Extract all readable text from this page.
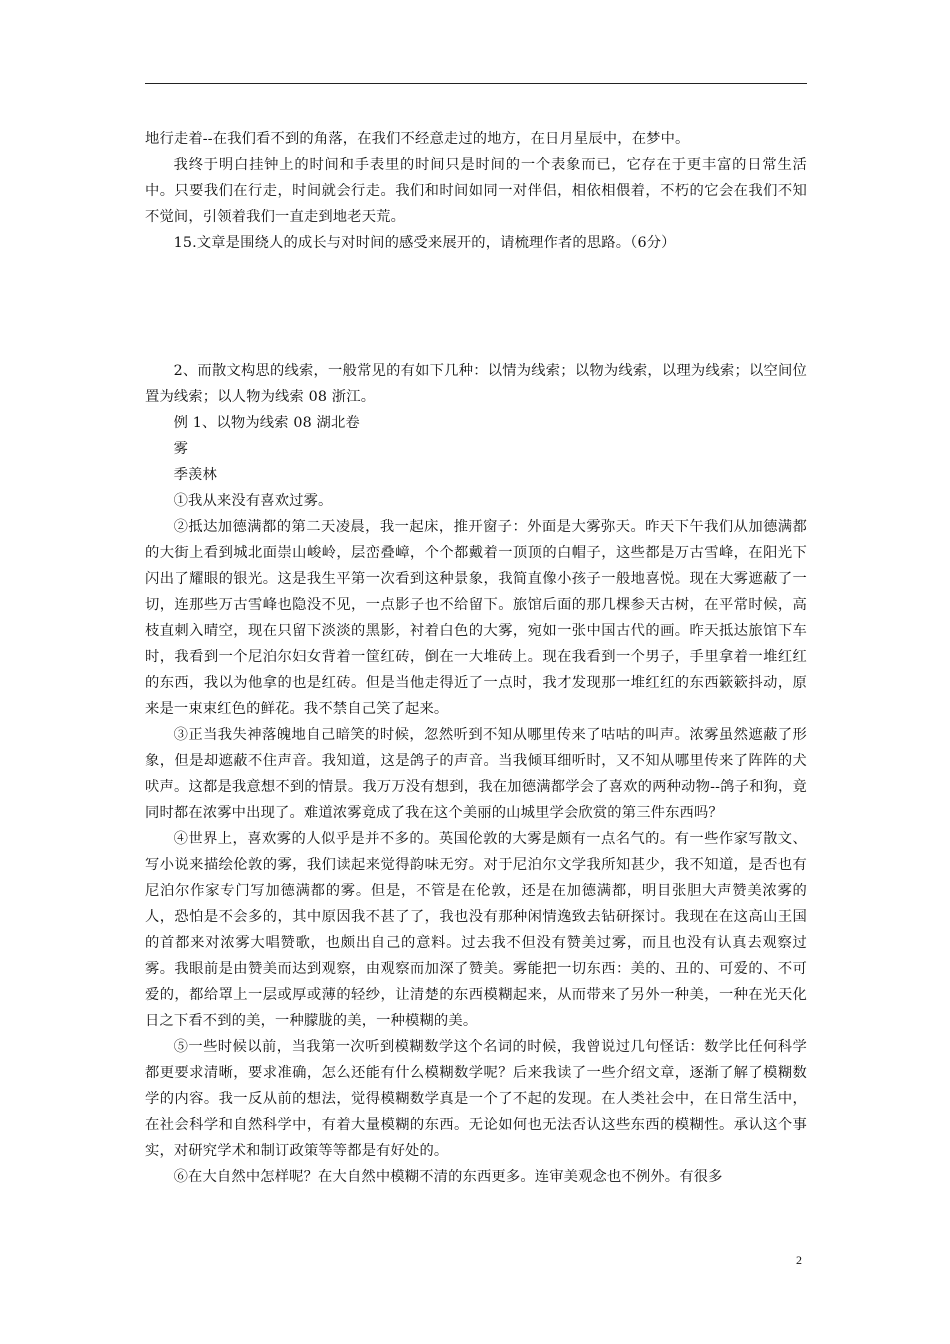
地行走着--在我们看不到的角落，在我们不经意走过的地方，在日月星辰中，在梦中。

我终于明白挂钟上的时间和手表里的时间只是时间的一个表象而已，它存在于更丰富的日常生活中。只要我们在行走，时间就会行走。我们和时间如同一对伴侣，相依相偎着，不朽的它会在我们不知不觉间，引领着我们一直走到地老天荒。

15.文章是围绕人的成长与对时间的感受来展开的，请梳理作者的思路。（6分）

2、而散文构思的线索，一般常见的有如下几种：以情为线索；以物为线索，以理为线索；以空间位置为线索；以人物为线索 08 浙江。

例 1、以物为线索 08 湖北卷

雾

季羡林

①我从来没有喜欢过雾。

②抵达加德满都的第二天凌晨，我一起床，推开窗子：外面是大雾弥天。昨天下午我们从加德满都的大街上看到城北面崇山峻岭，层峦叠嶂，个个都戴着一顶顶的白帽子，这些都是万古雪峰，在阳光下闪出了耀眼的银光。这是我生平第一次看到这种景象，我简直像小孩子一般地喜悦。现在大雾遮蔽了一切，连那些万古雪峰也隐没不见，一点影子也不给留下。旅馆后面的那几棵参天古树，在平常时候，高枝直刺入晴空，现在只留下淡淡的黑影，衬着白色的大雾，宛如一张中国古代的画。昨天抵达旅馆下车时，我看到一个尼泊尔妇女背着一筐红砖，倒在一大堆砖上。现在我看到一个男子，手里拿着一堆红红的东西，我以为他拿的也是红砖。但是当他走得近了一点时，我才发现那一堆红红的东西簌簌抖动，原来是一束束红色的鲜花。我不禁自己笑了起来。

③正当我失神落魄地自己暗笑的时候，忽然听到不知从哪里传来了咕咕的叫声。浓雾虽然遮蔽了形象，但是却遮蔽不住声音。我知道，这是鸽子的声音。当我倾耳细听时，又不知从哪里传来了阵阵的犬吠声。这都是我意想不到的情景。我万万没有想到，我在加德满都学会了喜欢的两种动物--鸽子和狗，竟同时都在浓雾中出现了。难道浓雾竟成了我在这个美丽的山城里学会欣赏的第三件东西吗？

④世界上，喜欢雾的人似乎是并不多的。英国伦敦的大雾是颇有一点名气的。有一些作家写散文、写小说来描绘伦敦的雾，我们读起来觉得韵味无穷。对于尼泊尔文学我所知甚少，我不知道，是否也有尼泊尔作家专门写加德满都的雾。但是，不管是在伦敦，还是在加德满都，明目张胆大声赞美浓雾的人，恐怕是不会多的，其中原因我不甚了了，我也没有那种闲情逸致去钻研探讨。我现在在这高山王国的首都来对浓雾大唱赞歌，也颇出自己的意料。过去我不但没有赞美过雾，而且也没有认真去观察过雾。我眼前是由赞美而达到观察，由观察而加深了赞美。雾能把一切东西：美的、丑的、可爱的、不可爱的，都给罩上一层或厚或薄的轻纱，让清楚的东西模糊起来，从而带来了另外一种美，一种在光天化日之下看不到的美，一种朦胧的美，一种模糊的美。

⑤一些时候以前，当我第一次听到模糊数学这个名词的时候，我曾说过几句怪话：数学比任何科学都更要求清晰，要求准确，怎么还能有什么模糊数学呢？后来我读了一些介绍文章，逐渐了解了模糊数学的内容。我一反从前的想法，觉得模糊数学真是一个了不起的发现。在人类社会中，在日常生活中，在社会科学和自然科学中，有着大量模糊的东西。无论如何也无法否认这些东西的模糊性。承认这个事实，对研究学术和制订政策等等都是有好处的。

⑥在大自然中怎样呢？在大自然中模糊不清的东西更多。连审美观念也不例外。有很多

2
